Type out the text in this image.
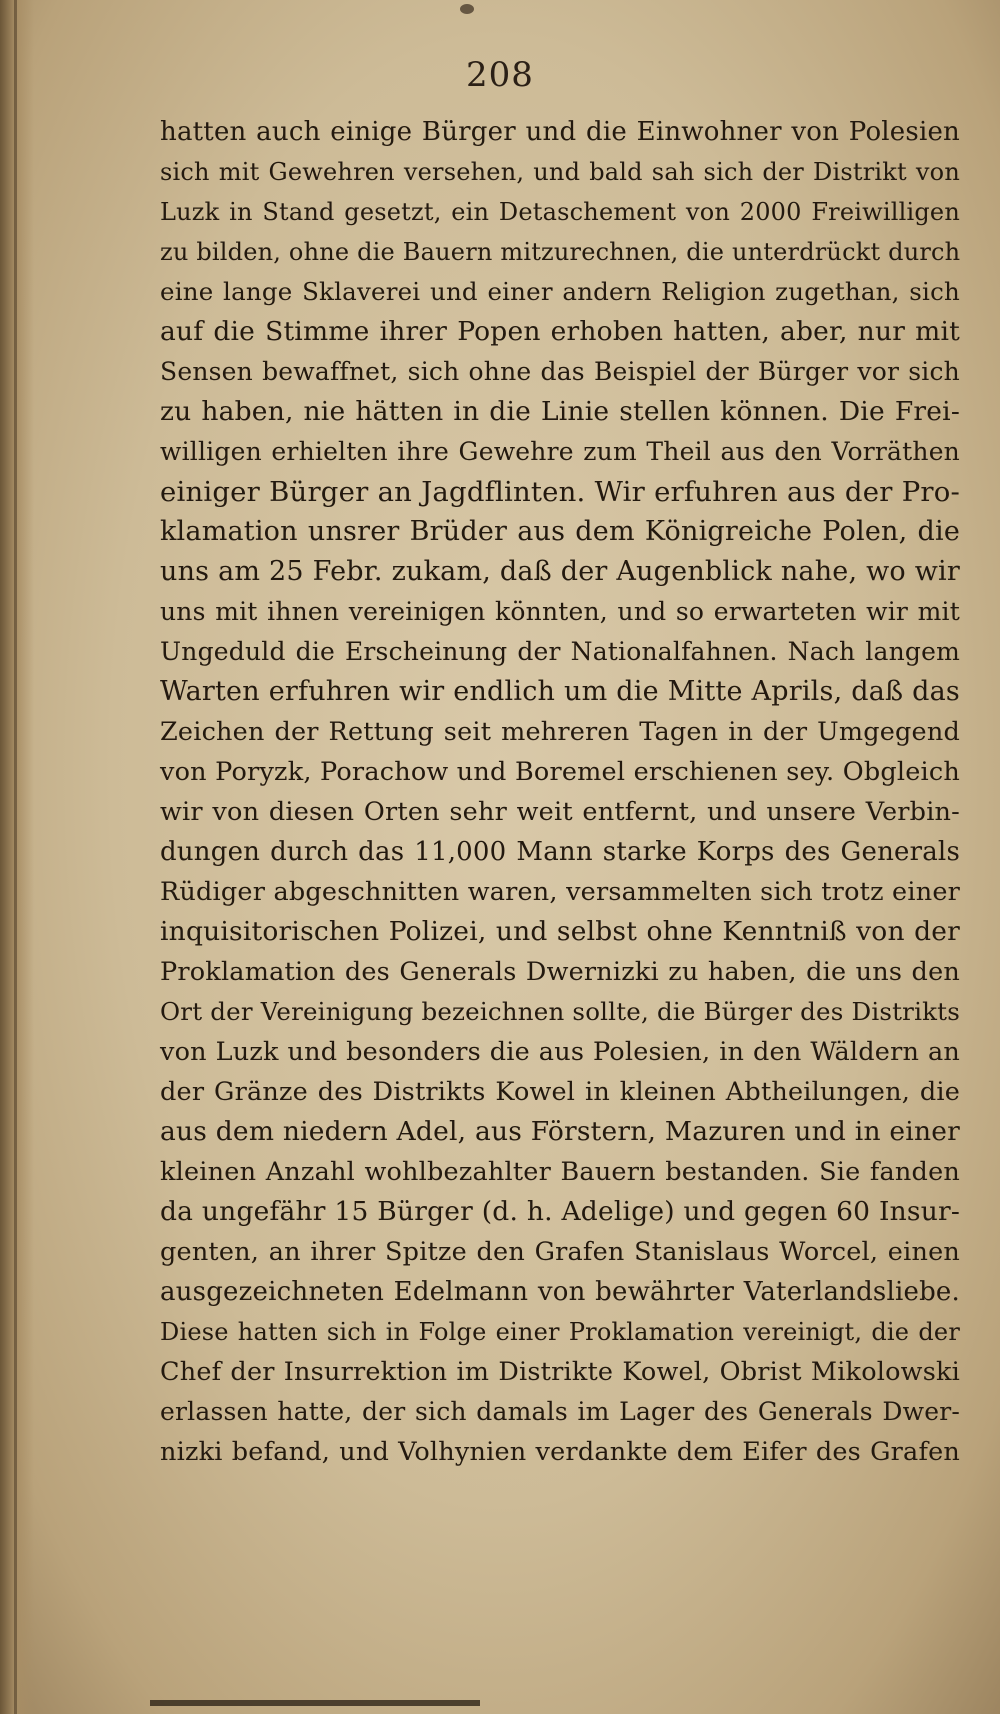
208
hatten auch einige Bürger und die Einwohner von Polesien
sich mit Gewehren versehen, und bald sah sich der Distrikt von
Luzk in Stand gesetzt, ein Detaschement von 2000 Freiwilligen
zu bilden, ohne die Bauern mitzurechnen, die unterdrückt durch
eine lange Sklaverei und einer andern Religion zugethan, sich
auf die Stimme ihrer Popen erhoben hatten, aber, nur mit
Sensen bewaffnet, sich ohne das Beispiel der Bürger vor sich
zu haben, nie hätten in die Linie stellen können. Die Frei-
willigen erhielten ihre Gewehre zum Theil aus den Vorräthen
einiger Bürger an Jagdflinten. Wir erfuhren aus der Pro-
klamation unsrer Brüder aus dem Königreiche Polen, die
uns am 25 Febr. zukam, daß der Augenblick nahe, wo wir
uns mit ihnen vereinigen könnten, und so erwarteten wir mit
Ungeduld die Erscheinung der Nationalfahnen. Nach langem
Warten erfuhren wir endlich um die Mitte Aprils, daß das
Zeichen der Rettung seit mehreren Tagen in der Umgegend
von Poryzk, Porachow und Boremel erschienen sey. Obgleich
wir von diesen Orten sehr weit entfernt, und unsere Verbin-
dungen durch das 11,000 Mann starke Korps des Generals
Rüdiger abgeschnitten waren, versammelten sich trotz einer
inquisitorischen Polizei, und selbst ohne Kenntniß von der
Proklamation des Generals Dwernizki zu haben, die uns den
Ort der Vereinigung bezeichnen sollte, die Bürger des Distrikts
von Luzk und besonders die aus Polesien, in den Wäldern an
der Gränze des Distrikts Kowel in kleinen Abtheilungen, die
aus dem niedern Adel, aus Förstern, Mazuren und in einer
kleinen Anzahl wohlbezahlter Bauern bestanden. Sie fanden
da ungefähr 15 Bürger (d. h. Adelige) und gegen 60 Insur-
genten, an ihrer Spitze den Grafen Stanislaus Worcel, einen
ausgezeichneten Edelmann von bewährter Vaterlandsliebe.
Diese hatten sich in Folge einer Proklamation vereinigt, die der
Chef der Insurrektion im Distrikte Kowel, Obrist Mikolowski
erlassen hatte, der sich damals im Lager des Generals Dwer-
nizki befand, und Volhynien verdankte dem Eifer des Grafen
